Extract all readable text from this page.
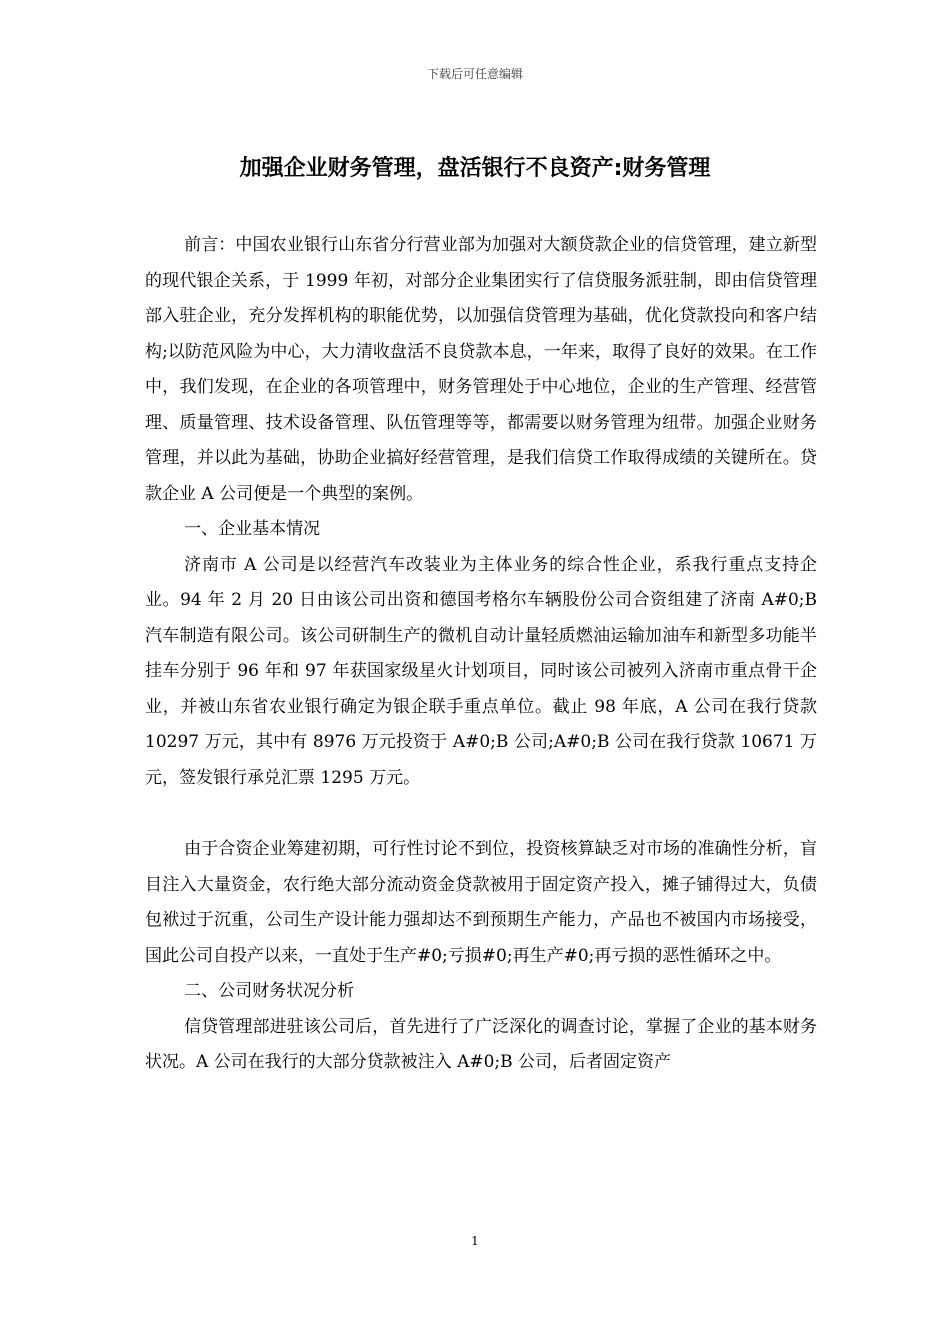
下载后可任意编辑
加强企业财务管理，盘活银行不良资产:财务管理

前言：中国农业银行山东省分行营业部为加强对大额贷款企业的信贷管理，建立新型的现代银企关系，于 1999 年初，对部分企业集团实行了信贷服务派驻制，即由信贷管理部入驻企业，充分发挥机构的职能优势，以加强信贷管理为基础，优化贷款投向和客户结构;以防范风险为中心，大力清收盘活不良贷款本息，一年来，取得了良好的效果。在工作中，我们发现，在企业的各项管理中，财务管理处于中心地位，企业的生产管理、经营管理、质量管理、技术设备管理、队伍管理等等，都需要以财务管理为纽带。加强企业财务管理，并以此为基础，协助企业搞好经营管理，是我们信贷工作取得成绩的关键所在。贷款企业 A 公司便是一个典型的案例。

一、企业基本情况

济南市 A 公司是以经营汽车改装业为主体业务的综合性企业，系我行重点支持企业。94 年 2 月 20 日由该公司出资和德国考格尔车辆股份公司合资组建了济南 A#0;B 汽车制造有限公司。该公司研制生产的微机自动计量轻质燃油运输加油车和新型多功能半挂车分别于 96 年和 97 年获国家级星火计划项目，同时该公司被列入济南市重点骨干企业，并被山东省农业银行确定为银企联手重点单位。截止 98 年底，A 公司在我行贷款 10297 万元，其中有 8976 万元投资于 A#0;B 公司;A#0;B 公司在我行贷款 10671 万元，签发银行承兑汇票 1295 万元。

由于合资企业筹建初期，可行性讨论不到位，投资核算缺乏对市场的准确性分析，盲目注入大量资金，农行绝大部分流动资金贷款被用于固定资产投入，摊子铺得过大，负债包袱过于沉重，公司生产设计能力强却达不到预期生产能力，产品也不被国内市场接受，国此公司自投产以来，一直处于生产#0;亏损#0;再生产#0;再亏损的恶性循环之中。

二、公司财务状况分析

信贷管理部进驻该公司后，首先进行了广泛深化的调查讨论，掌握了企业的基本财务状况。A 公司在我行的大部分贷款被注入 A#0;B 公司，后者固定资产

1
